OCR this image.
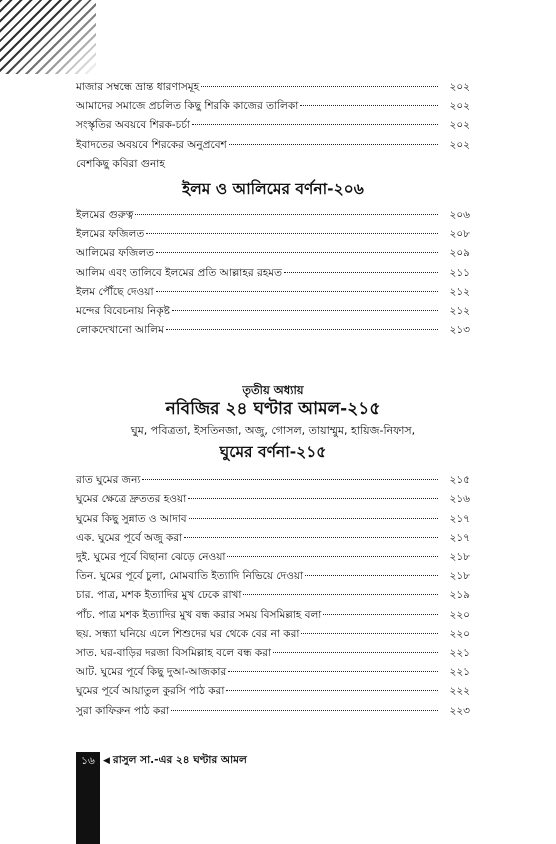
মাজার সম্বন্ধে ভ্রান্ত ধারণাসমূহ	২০২
আমাদের সমাজে প্রচলিত কিছু শিরকি কাজের তালিকা	২০২
সংস্কৃতির অবয়বে শিরক-চর্চা	২০২
ইবাদতের অবয়বে শিরকের অনুপ্রবেশ	২০২
বেশকিছু কবিরা গুনাহ
ইলম ও আলিমের বর্ণনা-২০৬
ইলমের গুরুত্ব	২০৬
ইলমের ফজিলত	২০৮
আলিমের ফজিলত	২০৯
আলিম এবং তালিবে ইলমের প্রতি আল্লাহর রহমত	২১১
ইলম পৌঁছে দেওয়া	২১২
মন্দের বিবেচনায় নিকৃষ্ট	২১২
লোকদেখানো আলিম	২১৩
তৃতীয় অধ্যায়
নবিজির ২৪ ঘণ্টার আমল-২১৫
ঘুম, পবিত্রতা, ইসতিনজা, অজু, গোসল, তায়াম্মুম, হায়িজ-নিফাস,
ঘুমের বর্ণনা-২১৫
রাত ঘুমের জন্য	২১৫
ঘুমের ক্ষেত্রে দ্রুততর হওয়া	২১৬
ঘুমের কিছু সুন্নাত ও আদাব	২১৭
এক. ঘুমের পূর্বে অজু করা	২১৭
দুই. ঘুমের পূর্বে বিছানা ঝেড়ে নেওয়া	২১৮
তিন. ঘুমের পূর্বে চুলা, মোমবাতি ইত্যাদি নিভিয়ে দেওয়া	২১৮
চার. পাত্র, মশক ইত্যাদির মুখ ঢেকে রাখা	২১৯
পাঁচ. পাত্র মশক ইত্যাদির মুখ বন্ধ করার সময় বিসমিল্লাহ বলা	২২০
ছয়. সন্ধ্যা ঘনিয়ে এলে শিশুদের ঘর থেকে বের না করা	২২০
সাত. ঘর-বাড়ির দরজা বিসমিল্লাহ বলে বন্ধ করা	২২১
আট. ঘুমের পূর্বে কিছু দুআ-আজকার	২২১
ঘুমের পূর্বে আয়াতুল কুরসি পাঠ করা	২২২
সুরা কাফিরুন পাঠ করা	২২৩
১৬ ◀ রাসুল সা.-এর ২৪ ঘণ্টার আমল
